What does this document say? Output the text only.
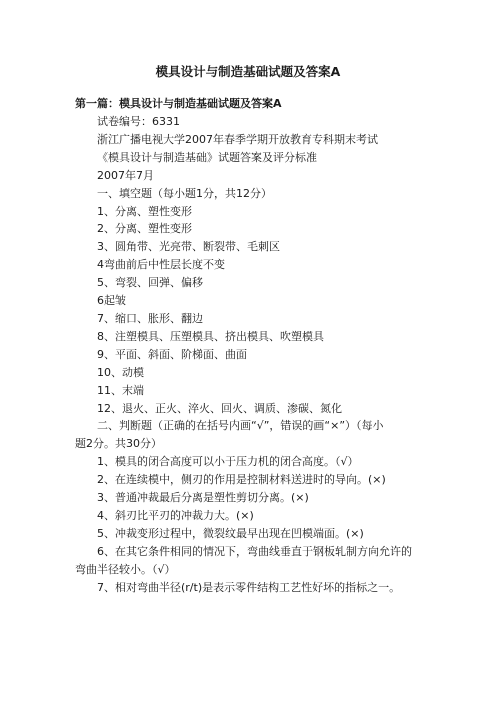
模具设计与制造基础试题及答案A
第一篇：模具设计与制造基础试题及答案A

试卷编号：6331

浙江广播电视大学2007年春季学期开放教育专科期末考试

《模具设计与制造基础》试题答案及评分标准

2007年7月

一、填空题（每小题1分，共12分）

1、分离、塑性变形

2、分离、塑性变形

3、圆角带、光亮带、断裂带、毛刺区

4弯曲前后中性层长度不变

5、弯裂、回弹、偏移

6起皱

7、缩口、胀形、翻边

8、注塑模具、压塑模具、挤出模具、吹塑模具

9、平面、斜面、阶梯面、曲面

10、动模

11、末端

12、退火、正火、淬火、回火、调质、渗碳、氮化

二、判断题（正确的在括号内画“√”，错误的画“×”）（每小

题2分。共30分）

1、模具的闭合高度可以小于压力机的闭合高度。（√）

2、在连续模中，侧刃的作用是控制材料送进时的导向。(×)

3、普通冲裁最后分离是塑性剪切分离。(×)

4、斜刃比平刃的冲裁力大。(×)

5、冲裁变形过程中，微裂纹最早出现在凹模端面。(×)

6、在其它条件相同的情况下，弯曲线垂直于钢板轧制方向允许的

弯曲半径较小。（√）

7、相对弯曲半径(r/t)是表示零件结构工艺性好坏的指标之一。
